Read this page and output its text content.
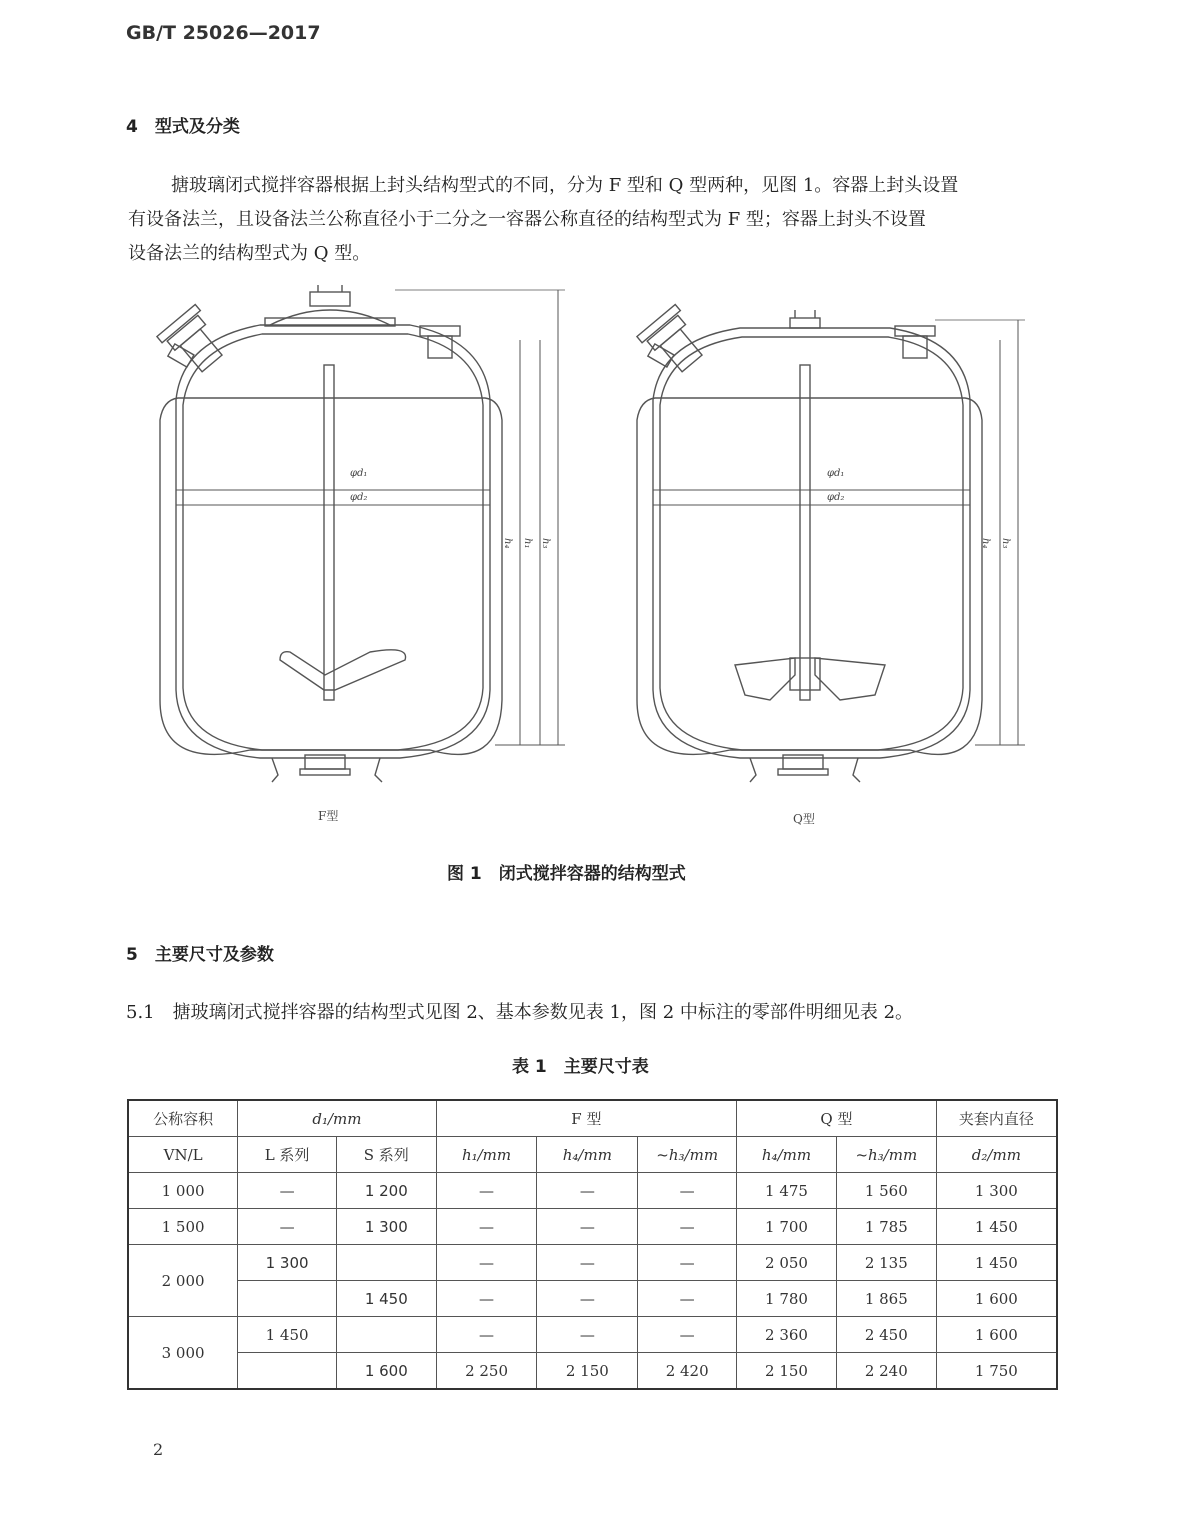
GB/T 25026—2017
4　型式及分类
搪玻璃闭式搅拌容器根据上封头结构型式的不同，分为 F 型和 Q 型两种，见图 1。容器上封头设置
有设备法兰，且设备法兰公称直径小于二分之一容器公称直径的结构型式为 F 型；容器上封头不设置
设备法兰的结构型式为 Q 型。
φd₁
φd₂
h₄ h₁ h₃
φd₁
φd₂
h₄ h₃
F型	Q型
图 1　闭式搅拌容器的结构型式
5　主要尺寸及参数
5.1　搪玻璃闭式搅拌容器的结构型式见图 2、基本参数见表 1，图 2 中标注的零部件明细见表 2。
表 1　主要尺寸表
公称容积	d₁/mm		F 型			Q 型		夹套内直径
VN/L	L 系列	S 系列	h₁/mm	h₄/mm	~h₃/mm	h₄/mm	~h₃/mm	d₂/mm
1 000	—	1 200	—	—	—	1 475	1 560	1 300
1 500	—	1 300	—	—	—	1 700	1 785	1 450
2 000	1 300		—	—	—	2 050	2 135	1 450
		1 450	—	—	—	1 780	1 865	1 600
3 000	1 450		—	—	—	2 360	2 450	1 600
		1 600	2 250	2 150	2 420	2 150	2 240	1 750
2
